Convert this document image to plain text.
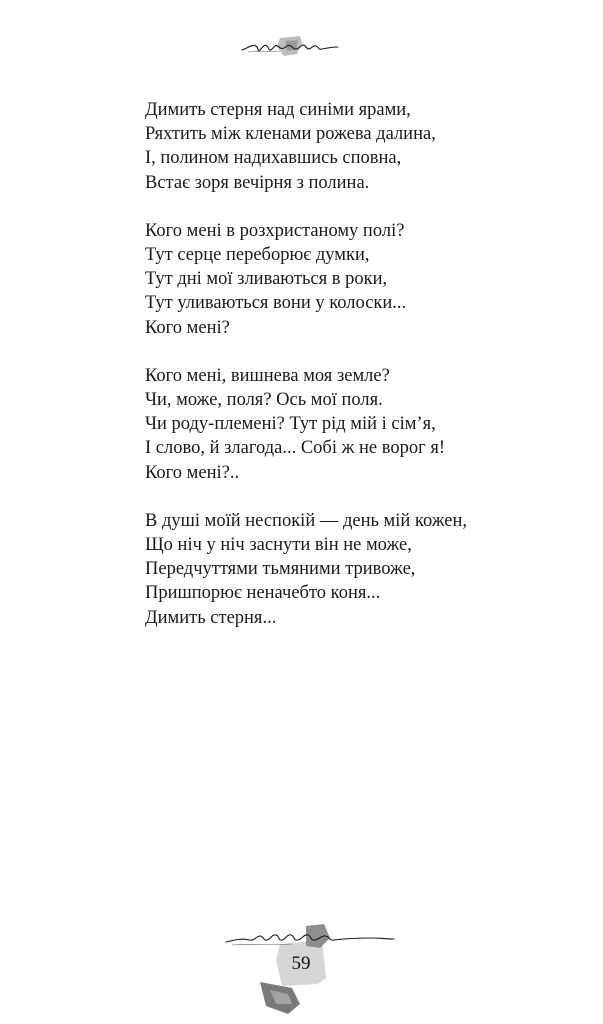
Димить стерня над синіми ярами,
Ряхтить між кленами рожева далина,
І, полином надихавшись сповна,
Встає зоря вечірня з полина.
Кого мені в розхристаному полі?
Тут серце переборює думки,
Тут дні мої зливаються в роки,
Тут уливаються вони у колоски...
Кого мені?
Кого мені, вишнева моя земле?
Чи, може, поля? Ось мої поля.
Чи роду-племені? Тут рід мій і сім’я,
І слово, й злагода... Собі ж не ворог я!
Кого мені?..
В душі моїй неспокій — день мій кожен,
Що ніч у ніч заснути він не може,
Передчуттями тьмяними тривоже,
Пришпорює неначебто коня...
Димить стерня...
59
